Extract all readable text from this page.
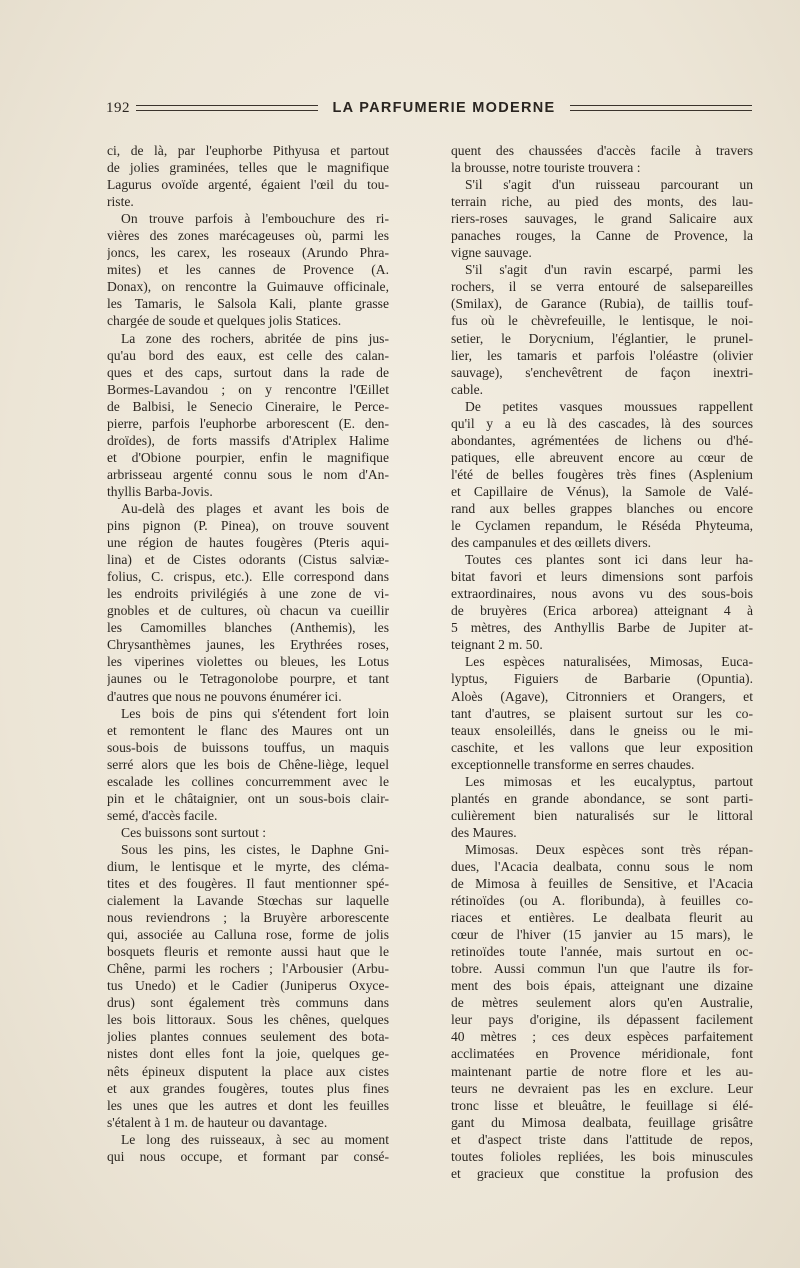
192	LA PARFUMERIE MODERNE
ci, de là, par l'euphorbe Pithyusa et partout
de jolies graminées, telles que le magnifique
Lagurus ovoïde argenté, égaient l'œil du tou-
riste.
On trouve parfois à l'embouchure des ri-
vières des zones marécageuses où, parmi les
joncs, les carex, les roseaux (Arundo Phra-
mites) et les cannes de Provence (A.
Donax), on rencontre la Guimauve officinale,
les Tamaris, le Salsola Kali, plante grasse
chargée de soude et quelques jolis Statices.
La zone des rochers, abritée de pins jus-
qu'au bord des eaux, est celle des calan-
ques et des caps, surtout dans la rade de
Bormes-Lavandou ; on y rencontre l'Œillet
de Balbisi, le Senecio Cineraire, le Perce-
pierre, parfois l'euphorbe arborescent (E. den-
droïdes), de forts massifs d'Atriplex Halime
et d'Obione pourpier, enfin le magnifique
arbrisseau argenté connu sous le nom d'An-
thyllis Barba-Jovis.
Au-delà des plages et avant les bois de
pins pignon (P. Pinea), on trouve souvent
une région de hautes fougères (Pteris aqui-
lina) et de Cistes odorants (Cistus salviæ-
folius, C. crispus, etc.). Elle correspond dans
les endroits privilégiés à une zone de vi-
gnobles et de cultures, où chacun va cueillir
les Camomilles blanches (Anthemis), les
Chrysanthèmes jaunes, les Erythrées roses,
les viperines violettes ou bleues, les Lotus
jaunes ou le Tetragonolobe pourpre, et tant
d'autres que nous ne pouvons énumérer ici.
Les bois de pins qui s'étendent fort loin
et remontent le flanc des Maures ont un
sous-bois de buissons touffus, un maquis
serré alors que les bois de Chêne-liège, lequel
escalade les collines concurremment avec le
pin et le châtaignier, ont un sous-bois clair-
semé, d'accès facile.
Ces buissons sont surtout :
Sous les pins, les cistes, le Daphne Gni-
dium, le lentisque et le myrte, des cléma-
tites et des fougères. Il faut mentionner spé-
cialement la Lavande Stœchas sur laquelle
nous reviendrons ; la Bruyère arborescente
qui, associée au Calluna rose, forme de jolis
bosquets fleuris et remonte aussi haut que le
Chêne, parmi les rochers ; l'Arbousier (Arbu-
tus Unedo) et le Cadier (Juniperus Oxyce-
drus) sont également très communs dans
les bois littoraux. Sous les chênes, quelques
jolies plantes connues seulement des bota-
nistes dont elles font la joie, quelques ge-
nêts épineux disputent la place aux cistes
et aux grandes fougères, toutes plus fines
les unes que les autres et dont les feuilles
s'étalent à 1 m. de hauteur ou davantage.
Le long des ruisseaux, à sec au moment
qui nous occupe, et formant par consé-
quent des chaussées d'accès facile à travers
la brousse, notre touriste trouvera :
S'il s'agit d'un ruisseau parcourant un
terrain riche, au pied des monts, des lau-
riers-roses sauvages, le grand Salicaire aux
panaches rouges, la Canne de Provence, la
vigne sauvage.
S'il s'agit d'un ravin escarpé, parmi les
rochers, il se verra entouré de salsepareilles
(Smilax), de Garance (Rubia), de taillis touf-
fus où le chèvrefeuille, le lentisque, le noi-
setier, le Dorycnium, l'églantier, le prunel-
lier, les tamaris et parfois l'oléastre (olivier
sauvage), s'enchevêtrent de façon inextri-
cable.
De petites vasques moussues rappellent
qu'il y a eu là des cascades, là des sources
abondantes, agrémentées de lichens ou d'hé-
patiques, elle abreuvent encore au cœur de
l'été de belles fougères très fines (Asplenium
et Capillaire de Vénus), la Samole de Valé-
rand aux belles grappes blanches ou encore
le Cyclamen repandum, le Réséda Phyteuma,
des campanules et des œillets divers.
Toutes ces plantes sont ici dans leur ha-
bitat favori et leurs dimensions sont parfois
extraordinaires, nous avons vu des sous-bois
de bruyères (Erica arborea) atteignant 4 à
5 mètres, des Anthyllis Barbe de Jupiter at-
teignant 2 m. 50.
Les espèces naturalisées, Mimosas, Euca-
lyptus, Figuiers de Barbarie (Opuntia).
Aloès (Agave), Citronniers et Orangers, et
tant d'autres, se plaisent surtout sur les co-
teaux ensoleillés, dans le gneiss ou le mi-
caschite, et les vallons que leur exposition
exceptionnelle transforme en serres chaudes.
Les mimosas et les eucalyptus, partout
plantés en grande abondance, se sont parti-
culièrement bien naturalisés sur le littoral
des Maures.
Mimosas. Deux espèces sont très répan-
dues, l'Acacia dealbata, connu sous le nom
de Mimosa à feuilles de Sensitive, et l'Acacia
rétinoïdes (ou A. floribunda), à feuilles co-
riaces et entières. Le dealbata fleurit au
cœur de l'hiver (15 janvier au 15 mars), le
retinoïdes toute l'année, mais surtout en oc-
tobre. Aussi commun l'un que l'autre ils for-
ment des bois épais, atteignant une dizaine
de mètres seulement alors qu'en Australie,
leur pays d'origine, ils dépassent facilement
40 mètres ; ces deux espèces parfaitement
acclimatées en Provence méridionale, font
maintenant partie de notre flore et les au-
teurs ne devraient pas les en exclure. Leur
tronc lisse et bleuâtre, le feuillage si élé-
gant du Mimosa dealbata, feuillage grisâtre
et d'aspect triste dans l'attitude de repos,
toutes folioles repliées, les bois minuscules
et gracieux que constitue la profusion des
